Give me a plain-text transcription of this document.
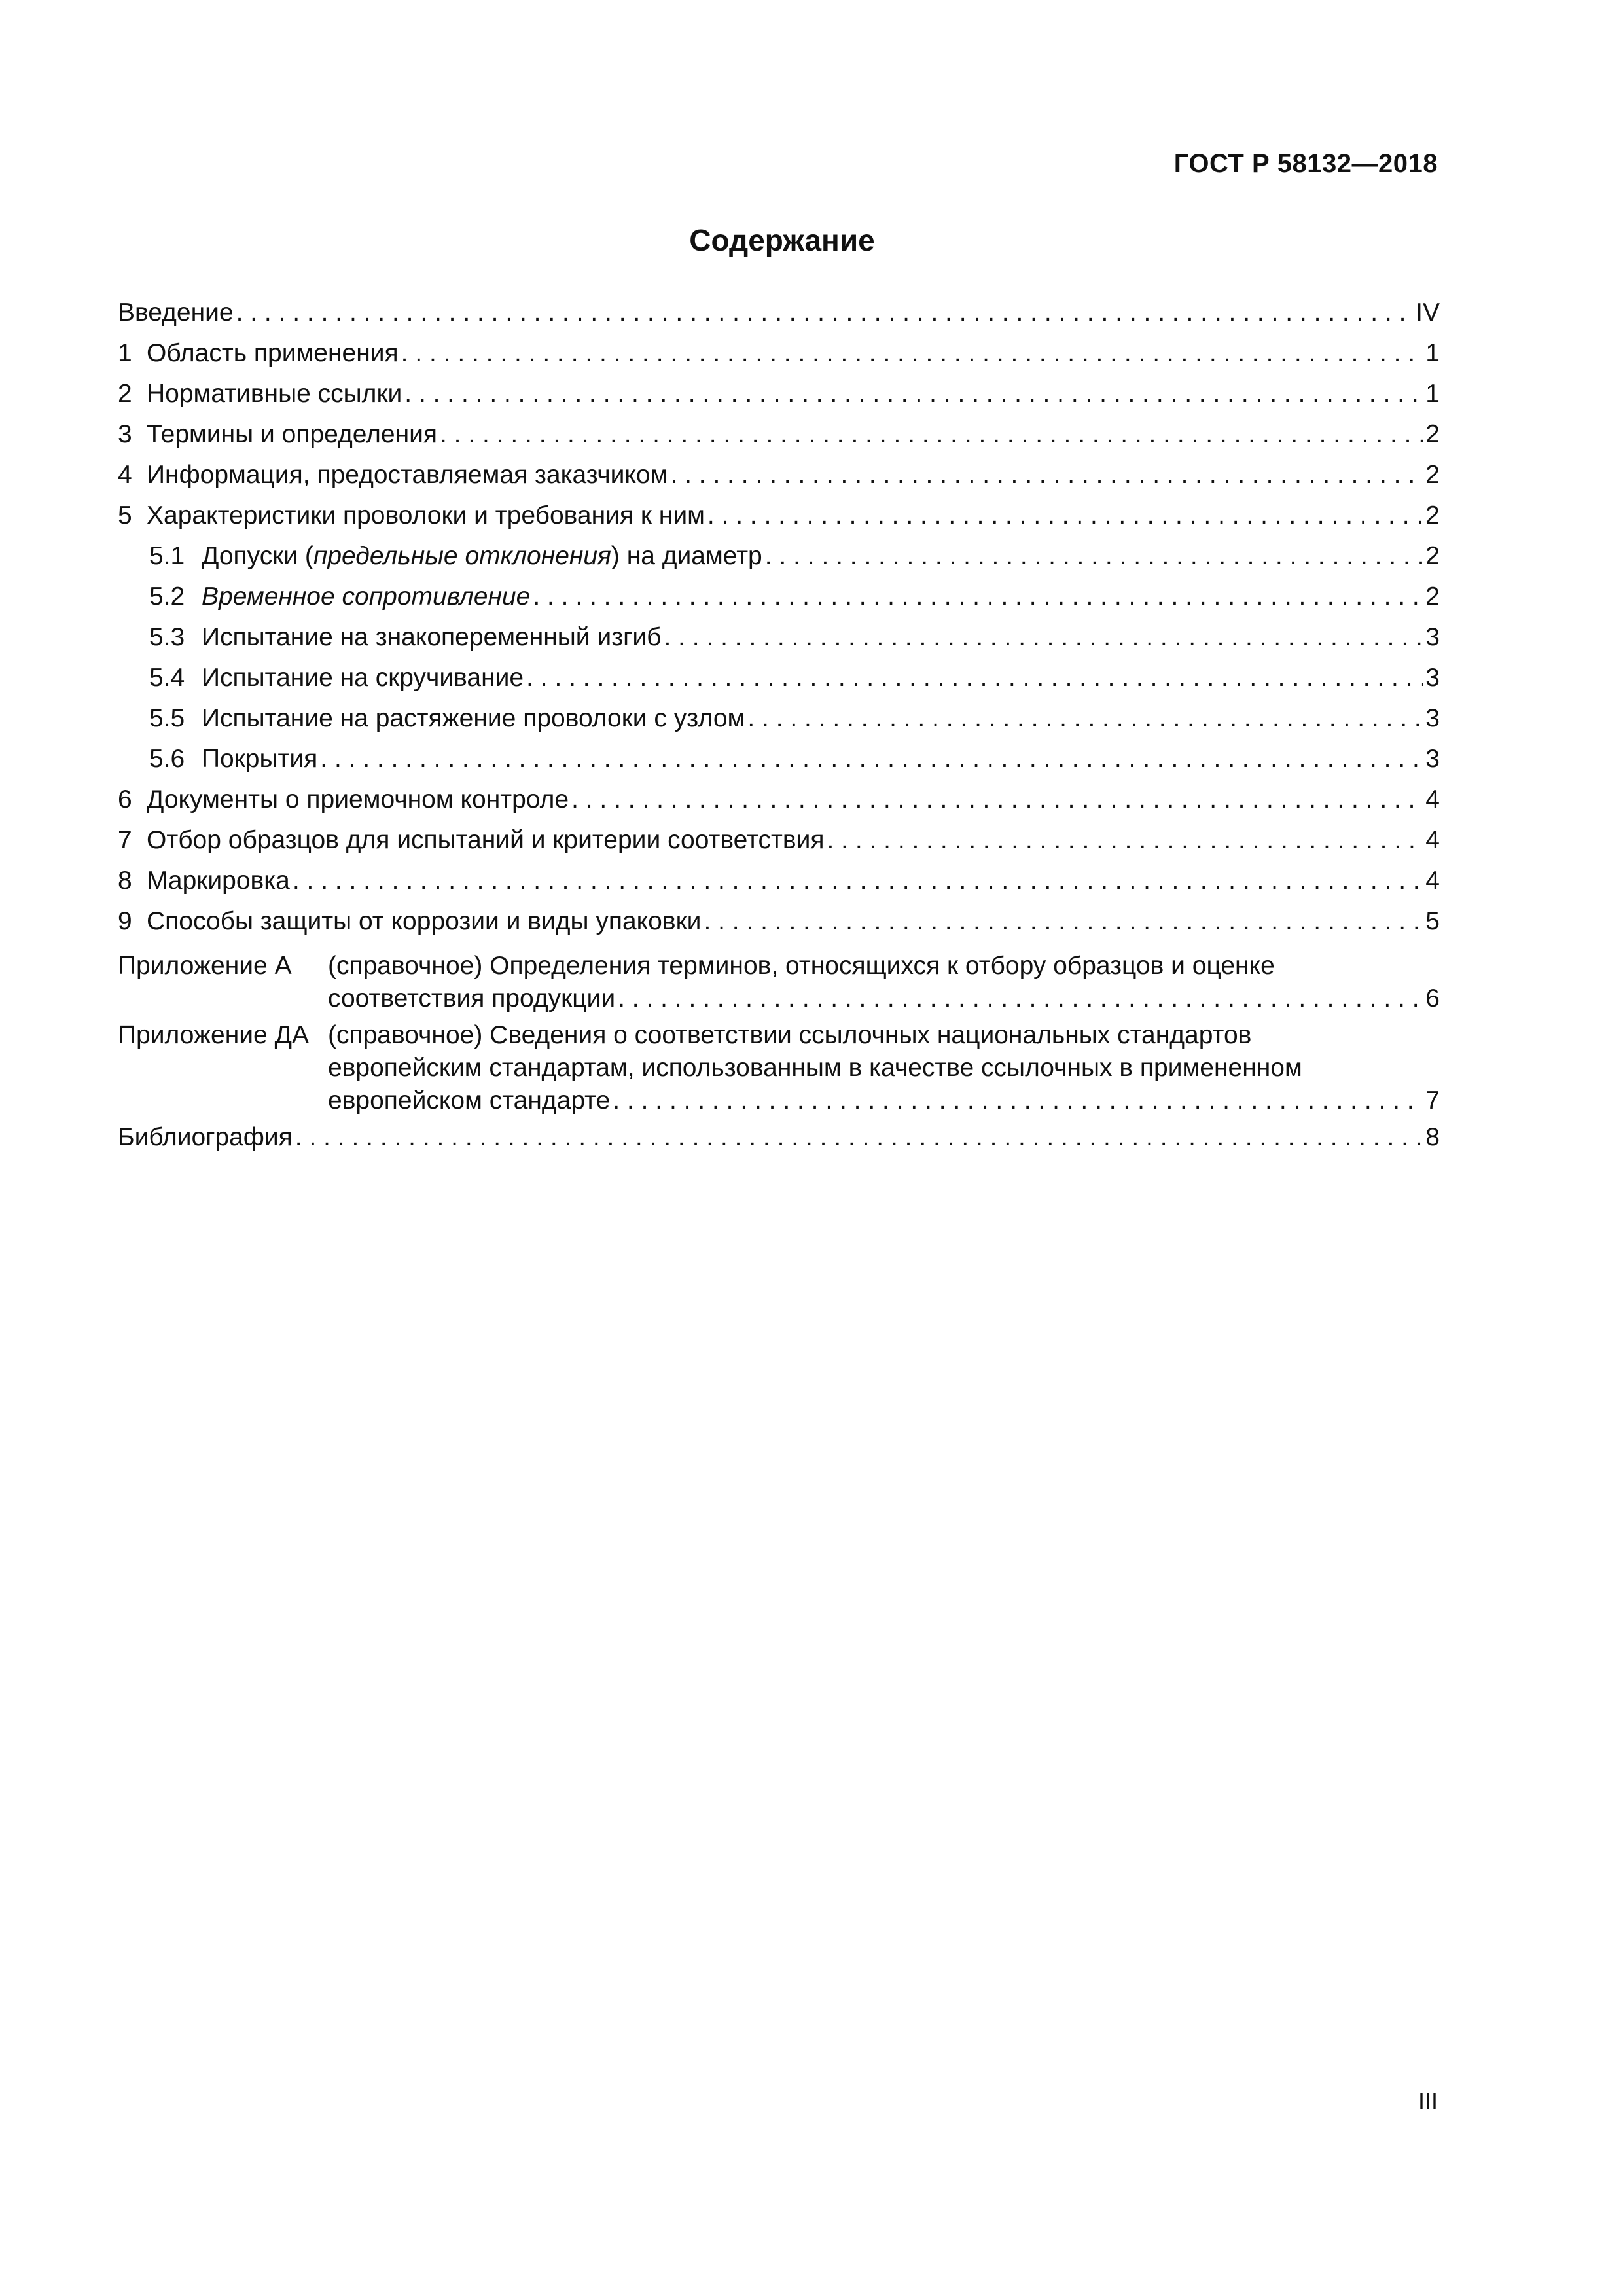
ГОСТ Р 58132—2018
Содержание
Введение . . .	IV
1 Область применения . . .	1
2 Нормативные ссылки . . .	1
3 Термины и определения . . .	2
4 Информация, предоставляемая заказчиком . . .	2
5 Характеристики проволоки и требования к ним . . .	2
5.1 Допуски (предельные отклонения) на диаметр . . .	2
5.2 Временное сопротивление . . .	2
5.3 Испытание на знакопеременный изгиб . . .	3
5.4 Испытание на скручивание . . .	3
5.5 Испытание на растяжение проволоки с узлом . . .	3
5.6 Покрытия . . .	3
6 Документы о приемочном контроле . . .	4
7 Отбор образцов для испытаний и критерии соответствия . . .	4
8 Маркировка . . .	4
9 Способы защиты от коррозии и виды упаковки . . .	5
Приложение А (справочное) Определения терминов, относящихся к отбору образцов и оценке
соответствия продукции . . .	6
Приложение ДА (справочное) Сведения о соответствии ссылочных национальных стандартов
европейским стандартам, использованным в качестве ссылочных в примененном
европейском стандарте . . .	7
Библиография . . .	8
III
